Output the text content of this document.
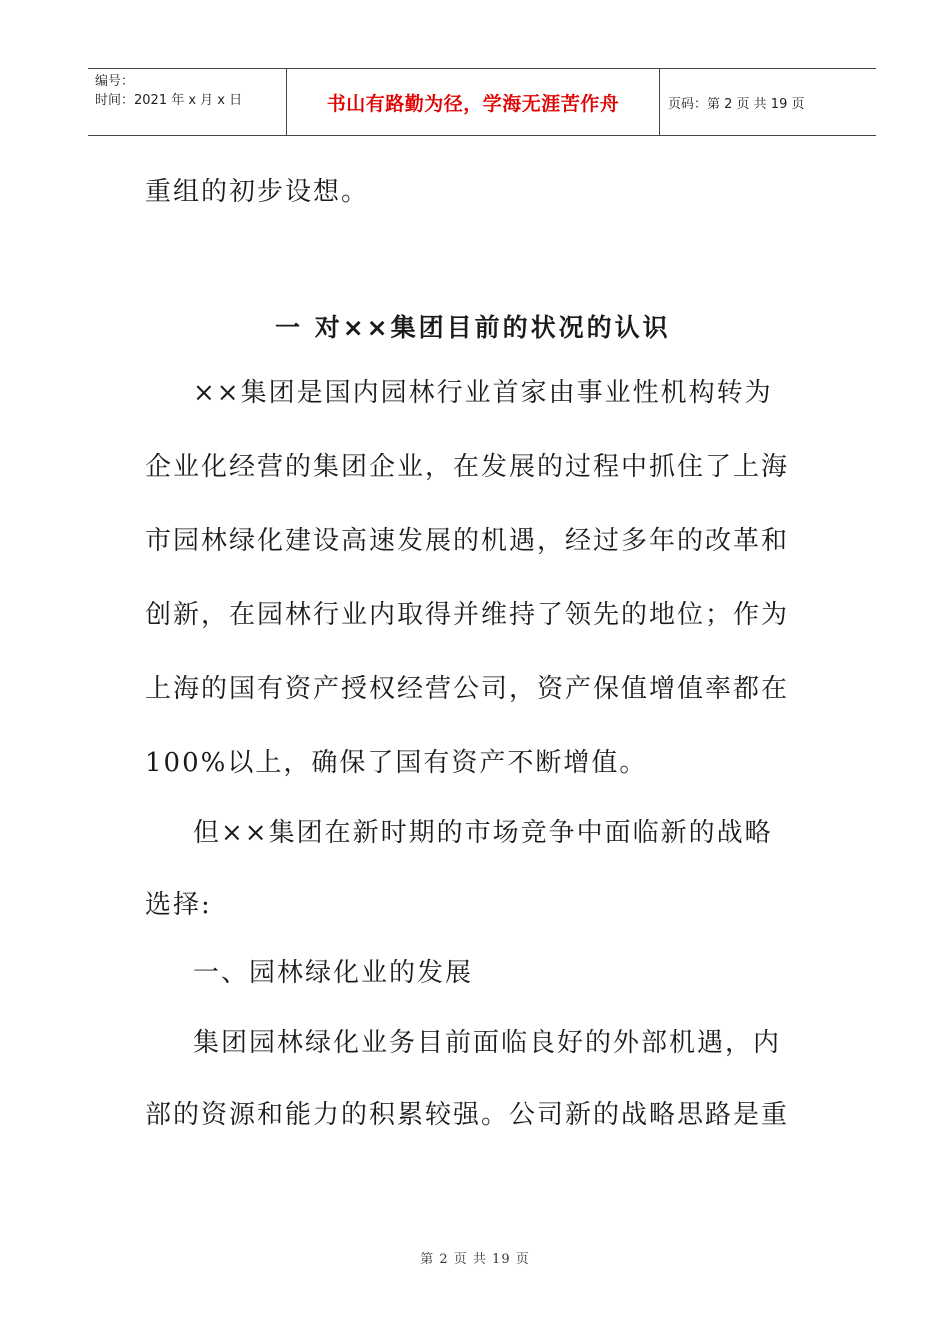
编号：
时间：2021 年 x 月 x 日	书山有路勤为径，学海无涯苦作舟	页码：第 2 页 共 19 页
重组的初步设想。
一 对××集团目前的状况的认识
××集团是国内园林行业首家由事业性机构转为
企业化经营的集团企业，在发展的过程中抓住了上海
市园林绿化建设高速发展的机遇，经过多年的改革和
创新，在园林行业内取得并维持了领先的地位；作为
上海的国有资产授权经营公司，资产保值增值率都在
100%以上，确保了国有资产不断增值。
但××集团在新时期的市场竞争中面临新的战略
选择:
一、园林绿化业的发展
集团园林绿化业务目前面临良好的外部机遇，内
部的资源和能力的积累较强。公司新的战略思路是重
第 2 页 共 19 页
